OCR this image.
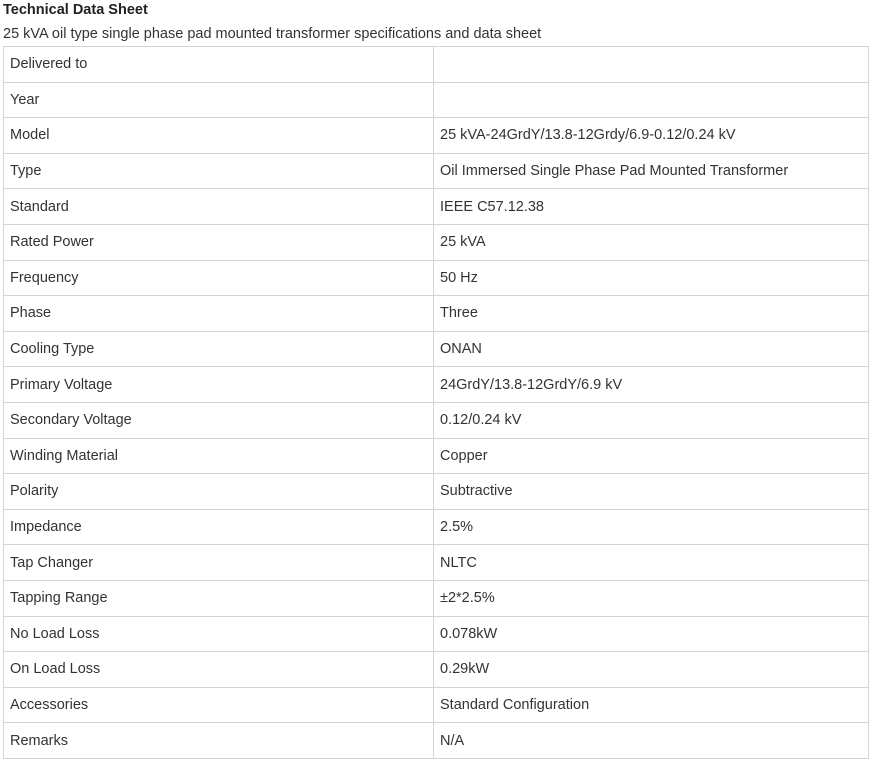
Technical Data Sheet
25 kVA oil type single phase pad mounted transformer specifications and data sheet
Delivered to	
Year	
Model	25 kVA-24GrdY/13.8-12Grdy/6.9-0.12/0.24 kV
Type	Oil Immersed Single Phase Pad Mounted Transformer
Standard	IEEE C57.12.38
Rated Power	25 kVA
Frequency	50 Hz
Phase	Three
Cooling Type	ONAN
Primary Voltage	24GrdY/13.8-12GrdY/6.9 kV
Secondary Voltage	0.12/0.24 kV
Winding Material	Copper
Polarity	Subtractive
Impedance	2.5%
Tap Changer	NLTC
Tapping Range	±2*2.5%
No Load Loss	0.078kW
On Load Loss	0.29kW
Accessories	Standard Configuration
Remarks	N/A
